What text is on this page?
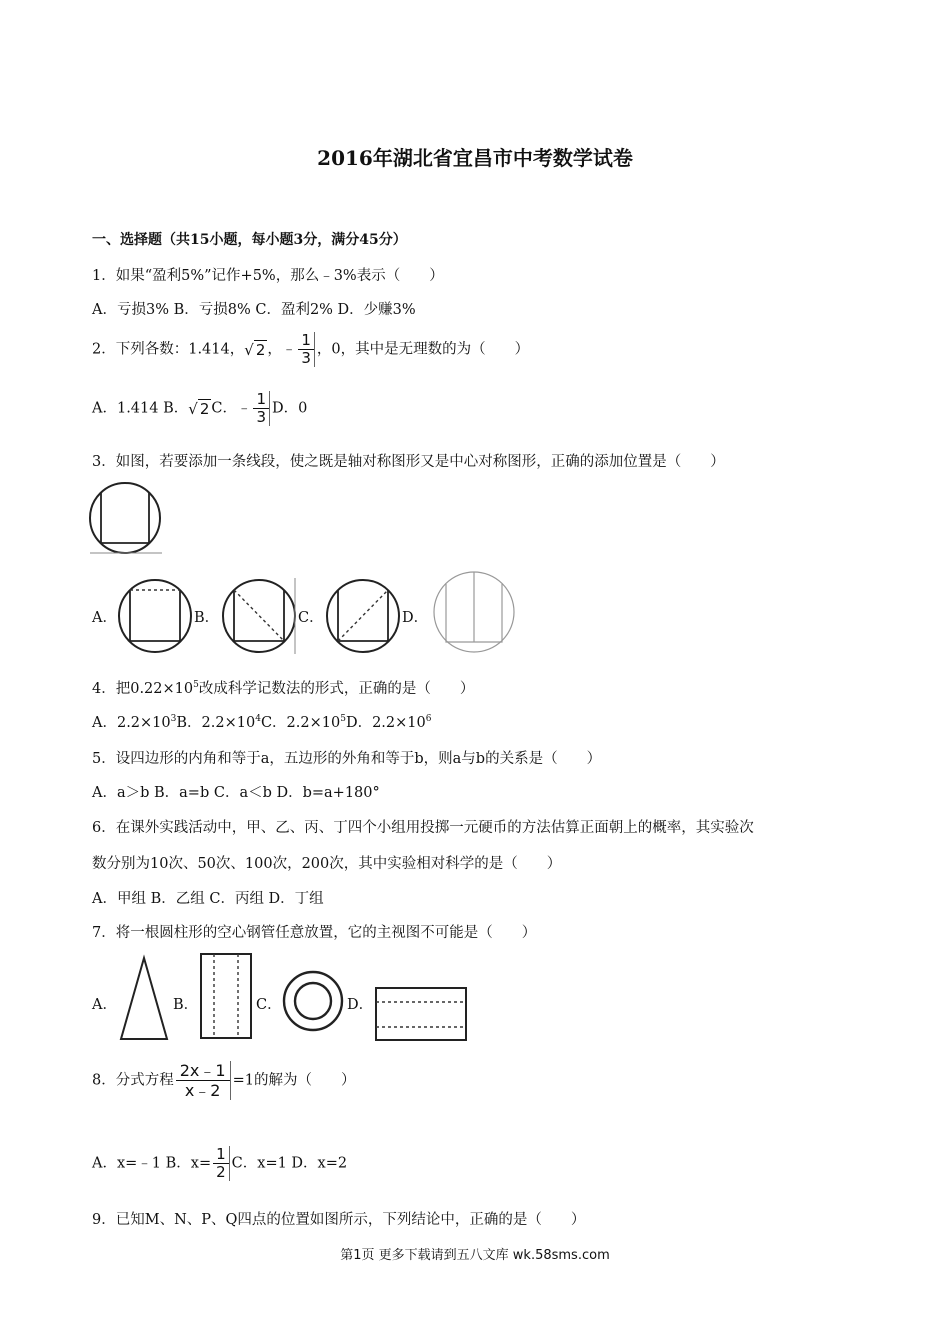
2016年湖北省宜昌市中考数学试卷
一、选择题（共15小题，每小题3分，满分45分）
1．如果“盈利5%”记作+5%，那么﹣3%表示（　　）
A．亏损3% B．亏损8% C．盈利2% D．少赚3%
2．下列各数：1.414，√ 2 ，﹣ $\frac{1}{3}$ ，0，其中是无理数的为（　　）
A．1.414 B．√ 2 C．﹣ $\frac{1}{3}$ D．0
3．如图，若要添加一条线段，使之既是轴对称图形又是中心对称图形，正确的添加位置是（　　）
A．	B．	C．	D．
4．把$0.22\times 10^5$改成科学记数法的形式，正确的是（　　）
A．$2.2\times 10^3B$．$2.2\times 10^4C$．$2.2\times 10^5D$．$2.2\times 10^6$
5．设四边形的内角和等于a，五边形的外角和等于b，则a与b的关系是（　　）
A．a＞b B．a=b C．a＜b D．b=a+180°
6．在课外实践活动中，甲、乙、丙、丁四个小组用投掷一元硬币的方法估算正面朝上的概率，其实验次
数分别为10次、50次、100次，200次，其中实验相对科学的是（　　）
A．甲组 B．乙组 C．丙组 D．丁组
7．将一根圆柱形的空心钢管任意放置，它的主视图不可能是（　　）
A．	B．	C．	D．
8．分式方程 $\frac{2x﹣1}{x﹣2} =1$的解为（　　）
A．x=﹣1 B．$x= \frac{1}{2}$ C．x=1 D．x=2
9．已知M、N、P、Q四点的位置如图所示，下列结论中，正确的是（　　）
第1页 更多下载请到五八文库 wk.58sms.com
